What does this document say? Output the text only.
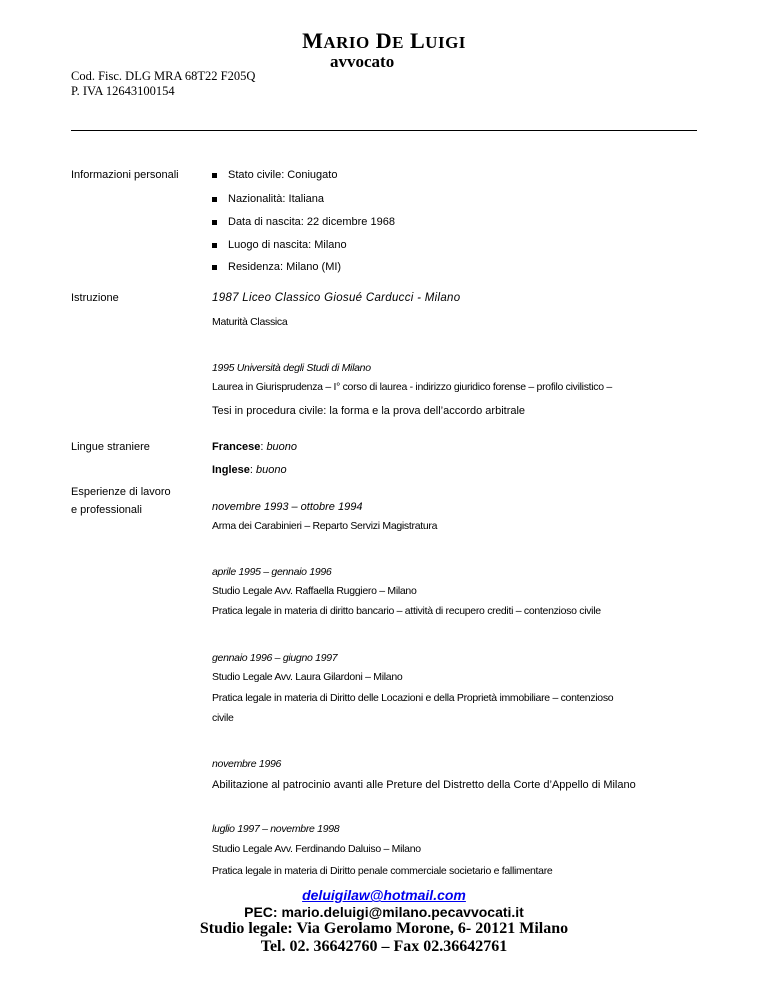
MARIO DE LUIGI
avvocato
Cod. Fisc. DLG MRA 68T22 F205Q
P. IVA 12643100154
Informazioni personali	Stato civile: Coniugato
Nazionalità: Italiana
Data di nascita: 22 dicembre 1968
Luogo di nascita: Milano
Residenza: Milano (MI)
Istruzione	1987 Liceo Classico Giosué Carducci - Milano
Maturità Classica
1995 Università degli Studi di Milano
Laurea in Giurisprudenza – I° corso di laurea - indirizzo giuridico forense – profilo civilistico –
Tesi in procedura civile: la forma e la prova dell’accordo arbitrale
Lingue straniere	Francese: buono
Inglese: buono
Esperienze di lavoro
e professionali	novembre 1993 – ottobre 1994
Arma dei Carabinieri – Reparto Servizi Magistratura
aprile 1995 – gennaio 1996
Studio Legale Avv. Raffaella Ruggiero – Milano
Pratica legale in materia di diritto bancario – attività di recupero crediti – contenzioso civile
gennaio 1996 – giugno 1997
Studio Legale Avv. Laura Gilardoni – Milano
Pratica legale in materia di Diritto delle Locazioni e della Proprietà immobiliare – contenzioso
civile
novembre 1996
Abilitazione al patrocinio avanti alle Preture del Distretto della Corte d’Appello di Milano
luglio 1997 – novembre 1998
Studio Legale Avv. Ferdinando Daluiso – Milano
Pratica legale in materia di Diritto penale commerciale societario e fallimentare
deluigilaw@hotmail.com
PEC: mario.deluigi@milano.pecavvocati.it
Studio legale: Via Gerolamo Morone, 6- 20121 Milano
Tel. 02. 36642760 – Fax 02.36642761
